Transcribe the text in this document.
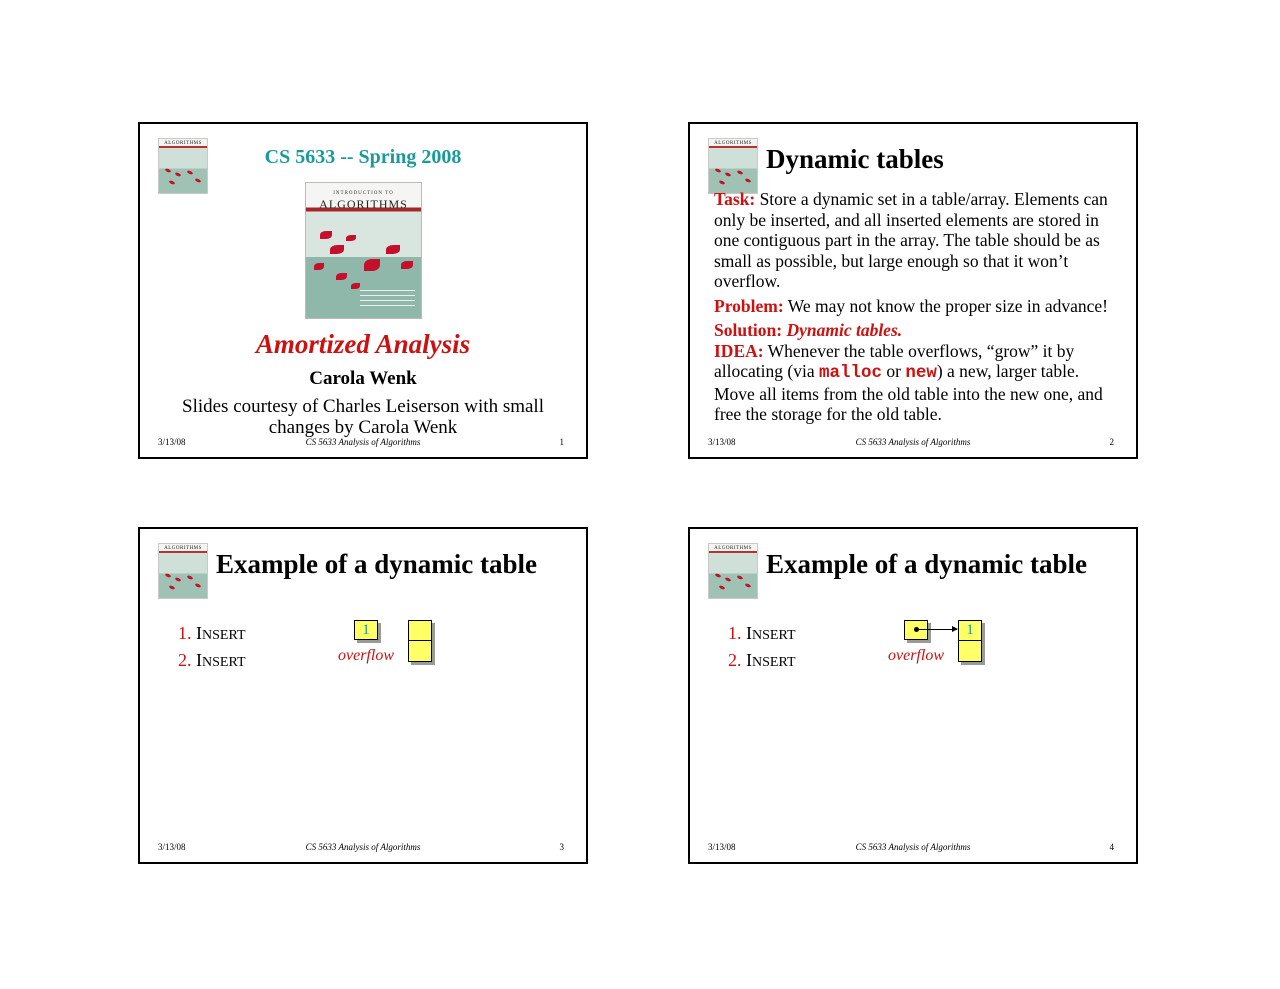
ALGORITHMS
CS 5633 -- Spring 2008
INTRODUCTION TO
ALGORITHMS
Amortized Analysis
Carola Wenk
Slides courtesy of Charles Leiserson with small changes by Carola Wenk
3/13/08	CS 5633 Analysis of Algorithms	1
ALGORITHMS
Dynamic tables

Task: Store a dynamic set in a table/array. Elements can only be inserted, and all inserted elements are stored in one contiguous part in the array. The table should be as small as possible, but large enough so that it won’t overflow.

Problem: We may not know the proper size in advance!

Solution: Dynamic tables.

IDEA: Whenever the table overflows, “grow” it by allocating (via malloc or new) a new, larger table. Move all items from the old table into the new one, and free the storage for the old table.

3/13/08	CS 5633 Analysis of Algorithms	2
ALGORITHMS
Example of a dynamic table
1. INSERT
2. INSERT
1
overflow
3/13/08	CS 5633 Analysis of Algorithms	3
ALGORITHMS
Example of a dynamic table
1. INSERT
2. INSERT
1
overflow
3/13/08	CS 5633 Analysis of Algorithms	4
